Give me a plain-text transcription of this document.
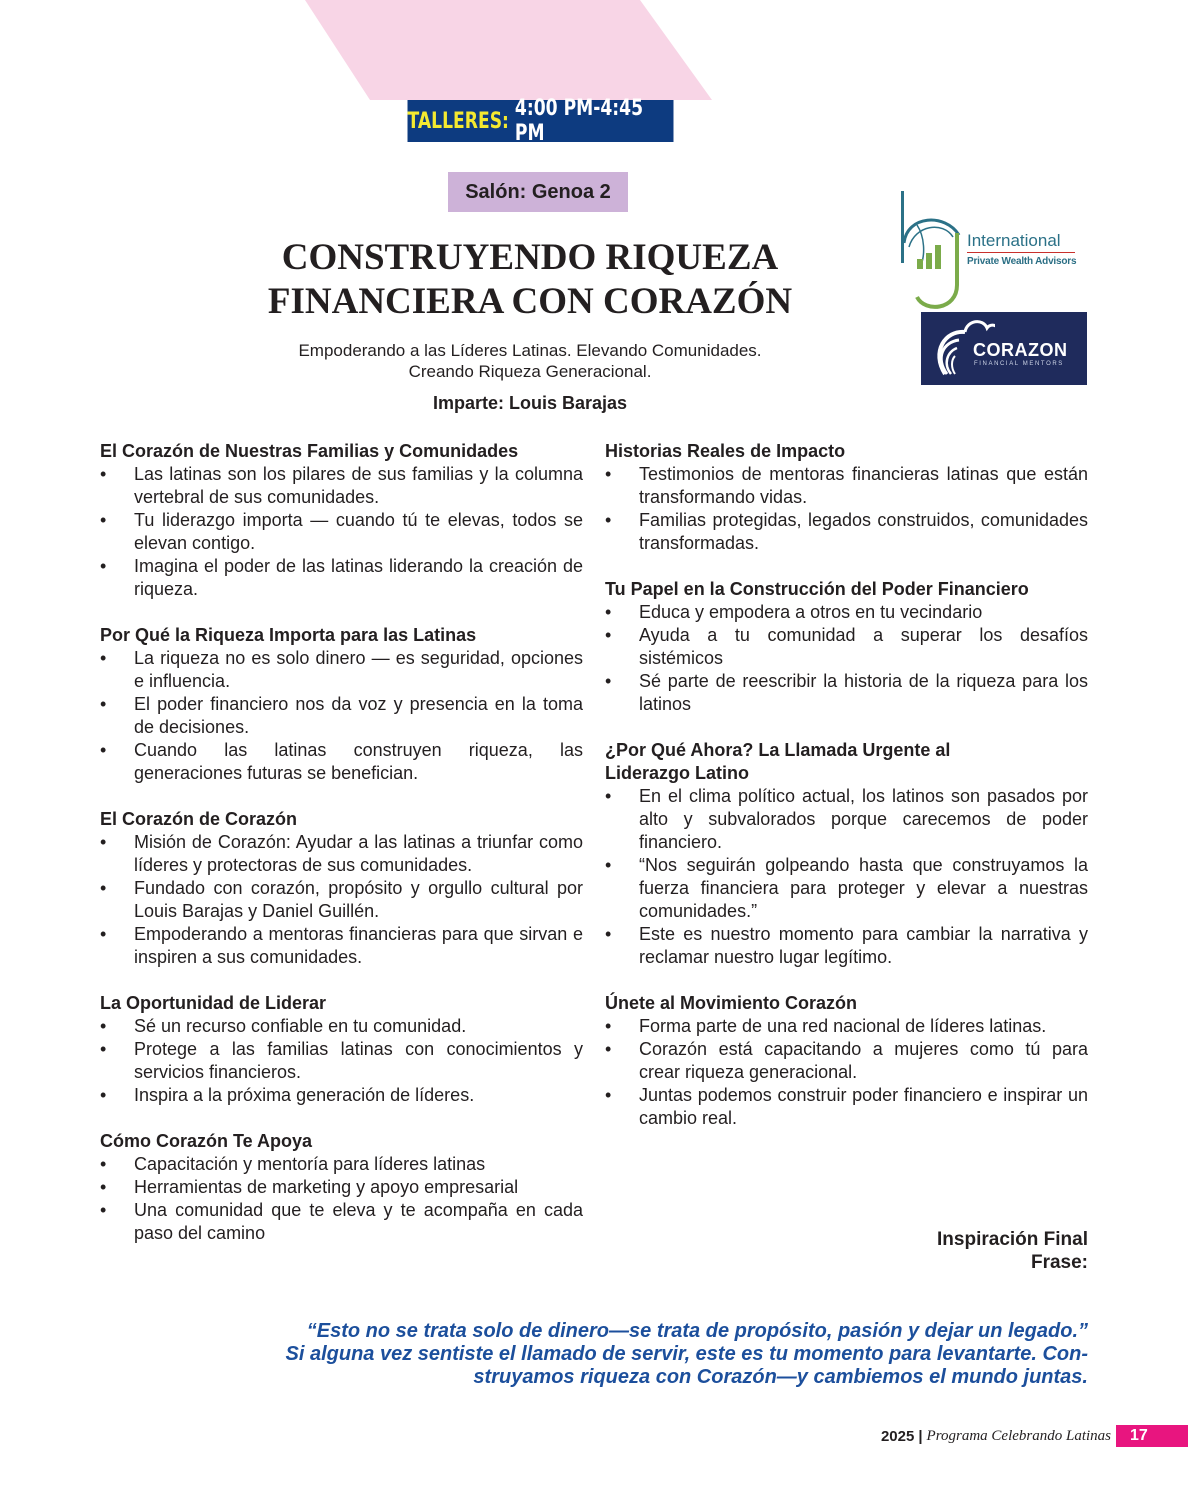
TALLERES:
4:00 PM-4:45 PM
Salón: Genoa 2
CONSTRUYENDO RIQUEZA
FINANCIERA CON CORAZÓN
Empoderando a las Líderes Latinas. Elevando Comunidades.
Creando Riqueza Generacional.
Imparte: Louis Barajas
International
Private Wealth Advisors
CORAZON
FINANCIAL MENTORS
El Corazón de Nuestras Familias y Comunidades
• Las latinas son los pilares de sus familias y la columna vertebral de sus comunidades.
• Tu liderazgo importa — cuando tú te elevas, todos se elevan contigo.
• Imagina el poder de las latinas liderando la creación de riqueza.
Por Qué la Riqueza Importa para las Latinas
• La riqueza no es solo dinero — es seguridad, opciones e influencia.
• El poder financiero nos da voz y presencia en la toma de decisiones.
• Cuando las latinas construyen riqueza, las generaciones futuras se benefician.
El Corazón de Corazón
• Misión de Corazón: Ayudar a las latinas a triunfar como líderes y protectoras de sus comunidades.
• Fundado con corazón, propósito y orgullo cultural por Louis Barajas y Daniel Guillén.
• Empoderando a mentoras financieras para que sirvan e inspiren a sus comunidades.
La Oportunidad de Liderar
• Sé un recurso confiable en tu comunidad.
• Protege a las familias latinas con conocimientos y servicios financieros.
• Inspira a la próxima generación de líderes.
Cómo Corazón Te Apoya
• Capacitación y mentoría para líderes latinas
• Herramientas de marketing y apoyo empresarial
• Una comunidad que te eleva y te acompaña en cada paso del camino
Historias Reales de Impacto
• Testimonios de mentoras financieras latinas que están transformando vidas.
• Familias protegidas, legados construidos, comunidades transformadas.
Tu Papel en la Construcción del Poder Financiero
• Educa y empodera a otros en tu vecindario
• Ayuda a tu comunidad a superar los desafíos sistémicos
• Sé parte de reescribir la historia de la riqueza para los latinos
¿Por Qué Ahora? La Llamada Urgente al Liderazgo Latino
• En el clima político actual, los latinos son pasados por alto y subvalorados porque carecemos de poder financiero.
• “Nos seguirán golpeando hasta que construyamos la fuerza financiera para proteger y elevar a nuestras comunidades.”
• Este es nuestro momento para cambiar la narrativa y reclamar nuestro lugar legítimo.
Únete al Movimiento Corazón
• Forma parte de una red nacional de líderes latinas.
• Corazón está capacitando a mujeres como tú para crear riqueza generacional.
• Juntas podemos construir poder financiero e inspirar un cambio real.
Inspiración Final
Frase:
“Esto no se trata solo de dinero—se trata de propósito, pasión y dejar un legado.”
Si alguna vez sentiste el llamado de servir, este es tu momento para levantarte. Con-
struyamos riqueza con Corazón—y cambiemos el mundo juntas.
2025 | Programa Celebrando Latinas	17
